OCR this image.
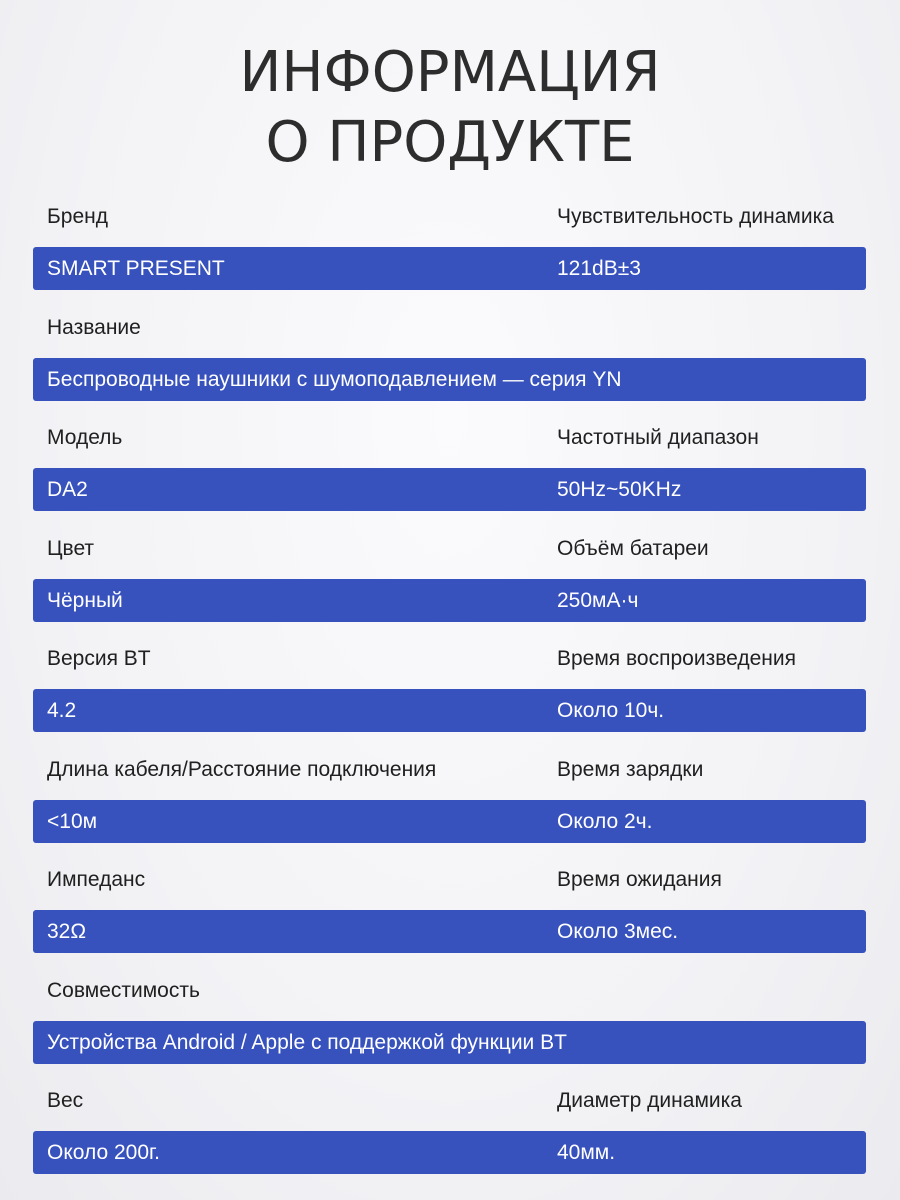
ИНФОРМАЦИЯ
О ПРОДУКТЕ
Бренд	Чувствительность динамика
SMART PRESENT	121dB±3
Название
Беспроводные наушники с шумоподавлением — серия YN
Модель	Частотный диапазон
DA2	50Hz~50KHz
Цвет	Объём батареи
Чёрный	250мА·ч
Версия BT	Время воспроизведения
4.2	Около 10ч.
Длина кабеля/Расстояние подключения	Время зарядки
<10м	Около 2ч.
Импеданс	Время ожидания
32Ω	Около 3мес.
Совместимость
Устройства Android / Apple с поддержкой функции BT
Вес	Диаметр динамика
Около 200г.	40мм.
